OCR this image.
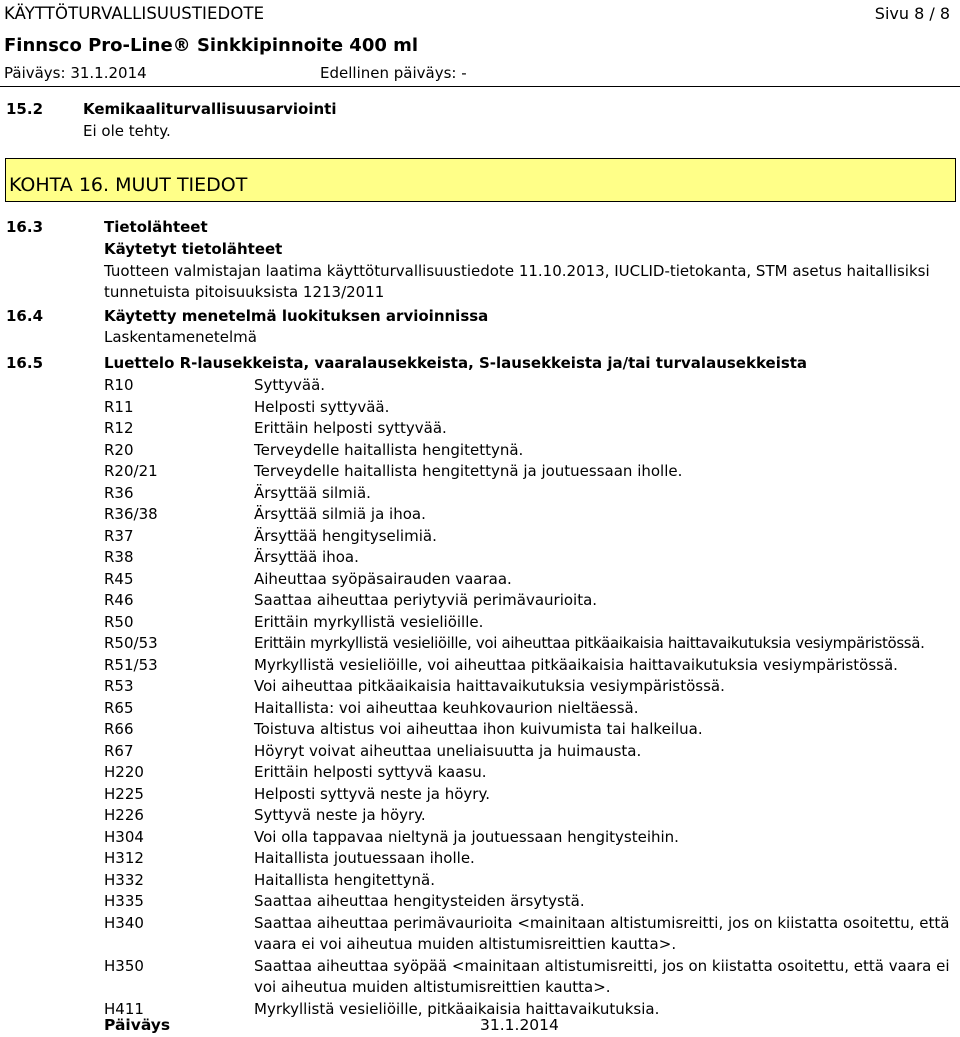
KÄYTTÖTURVALLISUUSTIEDOTE	Sivu 8 / 8
Finnsco Pro-Line® Sinkkipinnoite 400 ml
Päiväys: 31.1.2014	Edellinen päiväys: -
15.2	Kemikaaliturvallisuusarviointi
Ei ole tehty.
KOHTA 16. MUUT TIEDOT
16.3	Tietolähteet
Käytetyt tietolähteet
Tuotteen valmistajan laatima käyttöturvallisuustiedote 11.10.2013, IUCLID-tietokanta, STM asetus haitallisiksi tunnetuista pitoisuuksista 1213/2011
16.4	Käytetty menetelmä luokituksen arvioinnissa
Laskentamenetelmä
16.5	Luettelo R-lausekkeista, vaaralausekkeista, S-lausekkeista ja/tai turvalausekkeista
R10	Syttyvää.
R11	Helposti syttyvää.
R12	Erittäin helposti syttyvää.
R20	Terveydelle haitallista hengitettynä.
R20/21	Terveydelle haitallista hengitettynä ja joutuessaan iholle.
R36	Ärsyttää silmiä.
R36/38	Ärsyttää silmiä ja ihoa.
R37	Ärsyttää hengityselimiä.
R38	Ärsyttää ihoa.
R45	Aiheuttaa syöpäsairauden vaaraa.
R46	Saattaa aiheuttaa periytyviä perimävaurioita.
R50	Erittäin myrkyllistä vesieliöille.
R50/53	Erittäin myrkyllistä vesieliöille, voi aiheuttaa pitkäaikaisia haittavaikutuksia vesiympäristössä.
R51/53	Myrkyllistä vesieliöille, voi aiheuttaa pitkäaikaisia haittavaikutuksia vesiympäristössä.
R53	Voi aiheuttaa pitkäaikaisia haittavaikutuksia vesiympäristössä.
R65	Haitallista: voi aiheuttaa keuhkovaurion nieltäessä.
R66	Toistuva altistus voi aiheuttaa ihon kuivumista tai halkeilua.
R67	Höyryt voivat aiheuttaa uneliaisuutta ja huimausta.
H220	Erittäin helposti syttyvä kaasu.
H225	Helposti syttyvä neste ja höyry.
H226	Syttyvä neste ja höyry.
H304	Voi olla tappavaa nieltynä ja joutuessaan hengitysteihin.
H312	Haitallista joutuessaan iholle.
H332	Haitallista hengitettynä.
H335	Saattaa aiheuttaa hengitysteiden ärsytystä.
H340	Saattaa aiheuttaa perimävaurioita <mainitaan altistumisreitti, jos on kiistatta osoitettu, että vaara ei voi aiheutua muiden altistumisreittien kautta>.
H350	Saattaa aiheuttaa syöpää <mainitaan altistumisreitti, jos on kiistatta osoitettu, että vaara ei voi aiheutua muiden altistumisreittien kautta>.
H411	Myrkyllistä vesieliöille, pitkäaikaisia haittavaikutuksia.
Päiväys	31.1.2014
